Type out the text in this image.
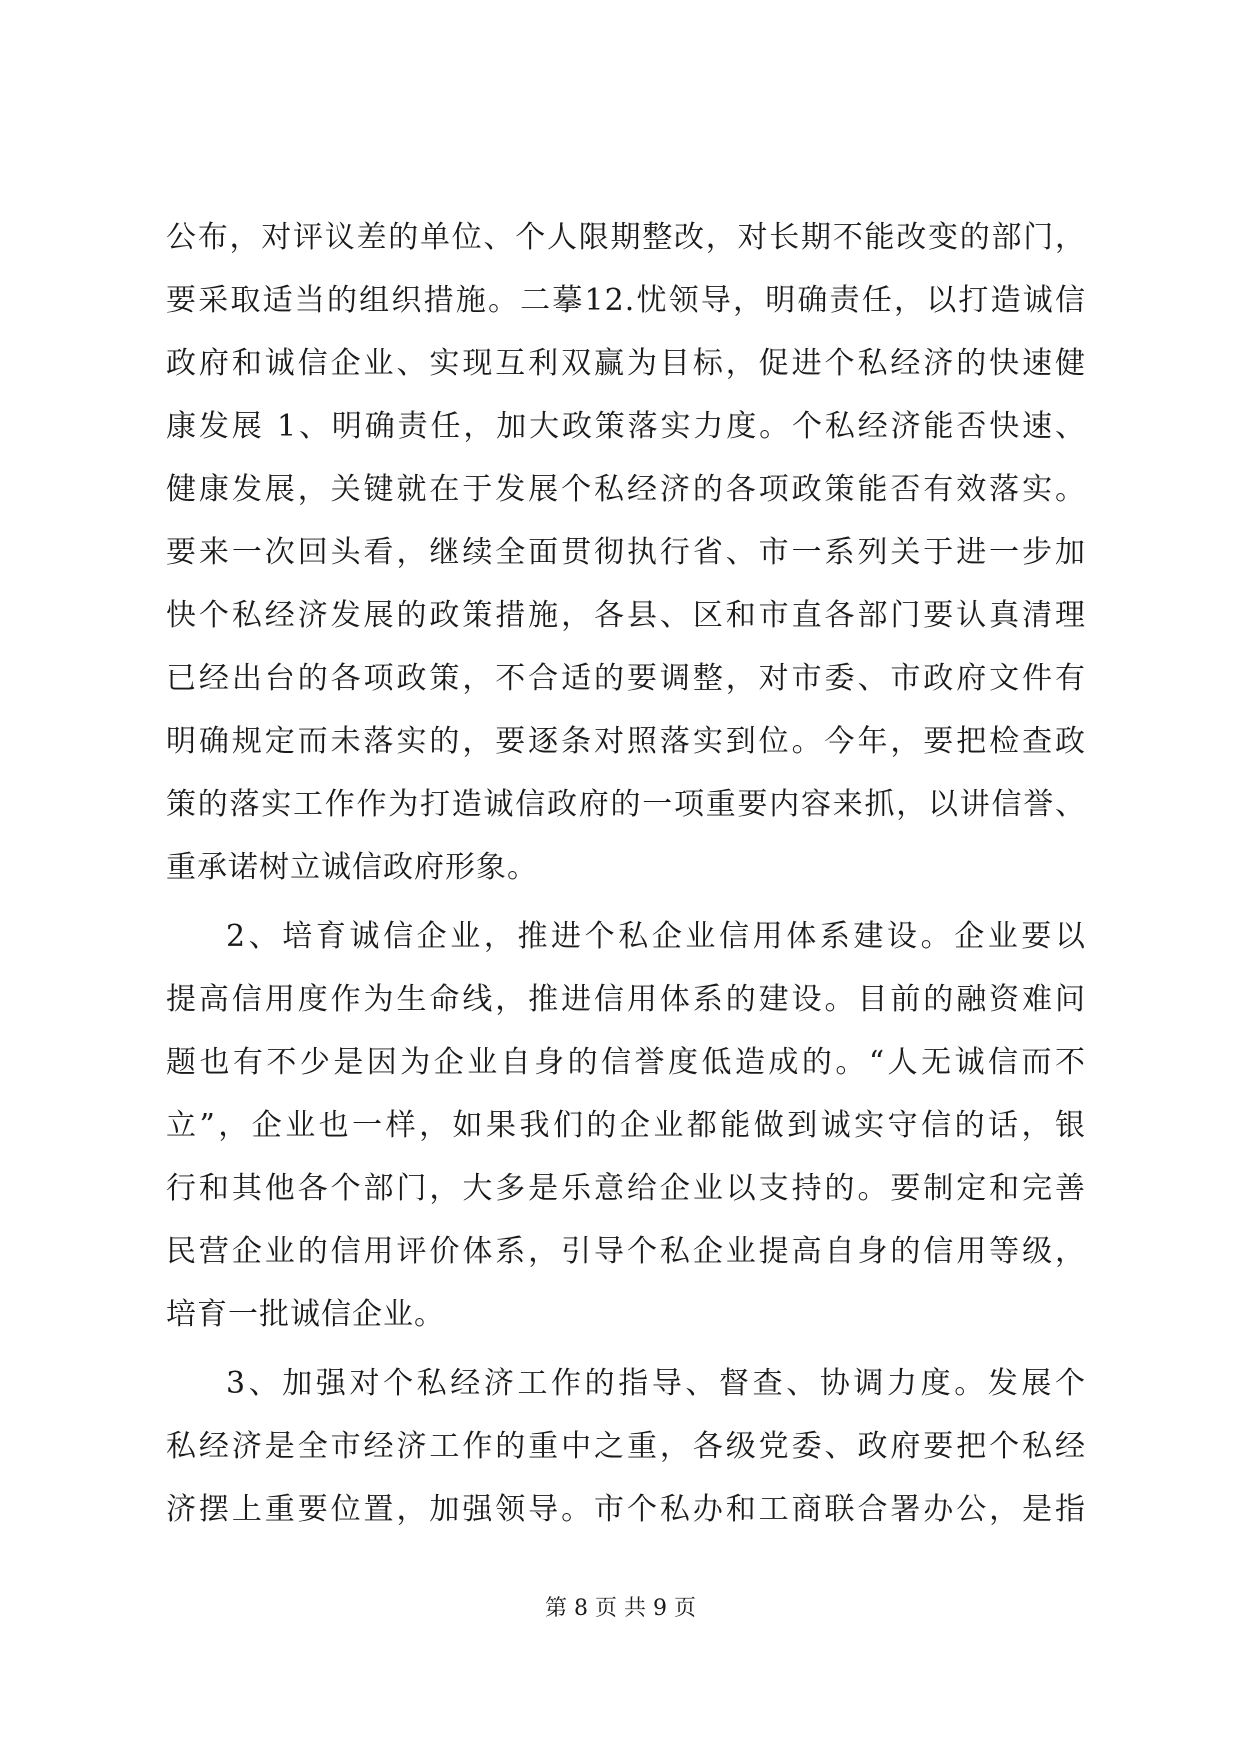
公布，对评议差的单位、个人限期整改，对长期不能改变的部门，
要采取适当的组织措施。二摹12.忧领导，明确责任，以打造诚信
政府和诚信企业、实现互利双赢为目标，促进个私经济的快速健
康发展 1、明确责任，加大政策落实力度。个私经济能否快速、
健康发展，关键就在于发展个私经济的各项政策能否有效落实。
要来一次回头看，继续全面贯彻执行省、市一系列关于进一步加
快个私经济发展的政策措施，各县、区和市直各部门要认真清理
已经出台的各项政策，不合适的要调整，对市委、市政府文件有
明确规定而未落实的，要逐条对照落实到位。今年，要把检查政
策的落实工作作为打造诚信政府的一项重要内容来抓，以讲信誉、
重承诺树立诚信政府形象。
2、培育诚信企业，推进个私企业信用体系建设。企业要以
提高信用度作为生命线，推进信用体系的建设。目前的融资难问
题也有不少是因为企业自身的信誉度低造成的。“人无诚信而不
立”，企业也一样，如果我们的企业都能做到诚实守信的话，银
行和其他各个部门，大多是乐意给企业以支持的。要制定和完善
民营企业的信用评价体系，引导个私企业提高自身的信用等级，
培育一批诚信企业。
3、加强对个私经济工作的指导、督查、协调力度。发展个
私经济是全市经济工作的重中之重，各级党委、政府要把个私经
济摆上重要位置，加强领导。市个私办和工商联合署办公，是指
第 8 页 共 9 页
